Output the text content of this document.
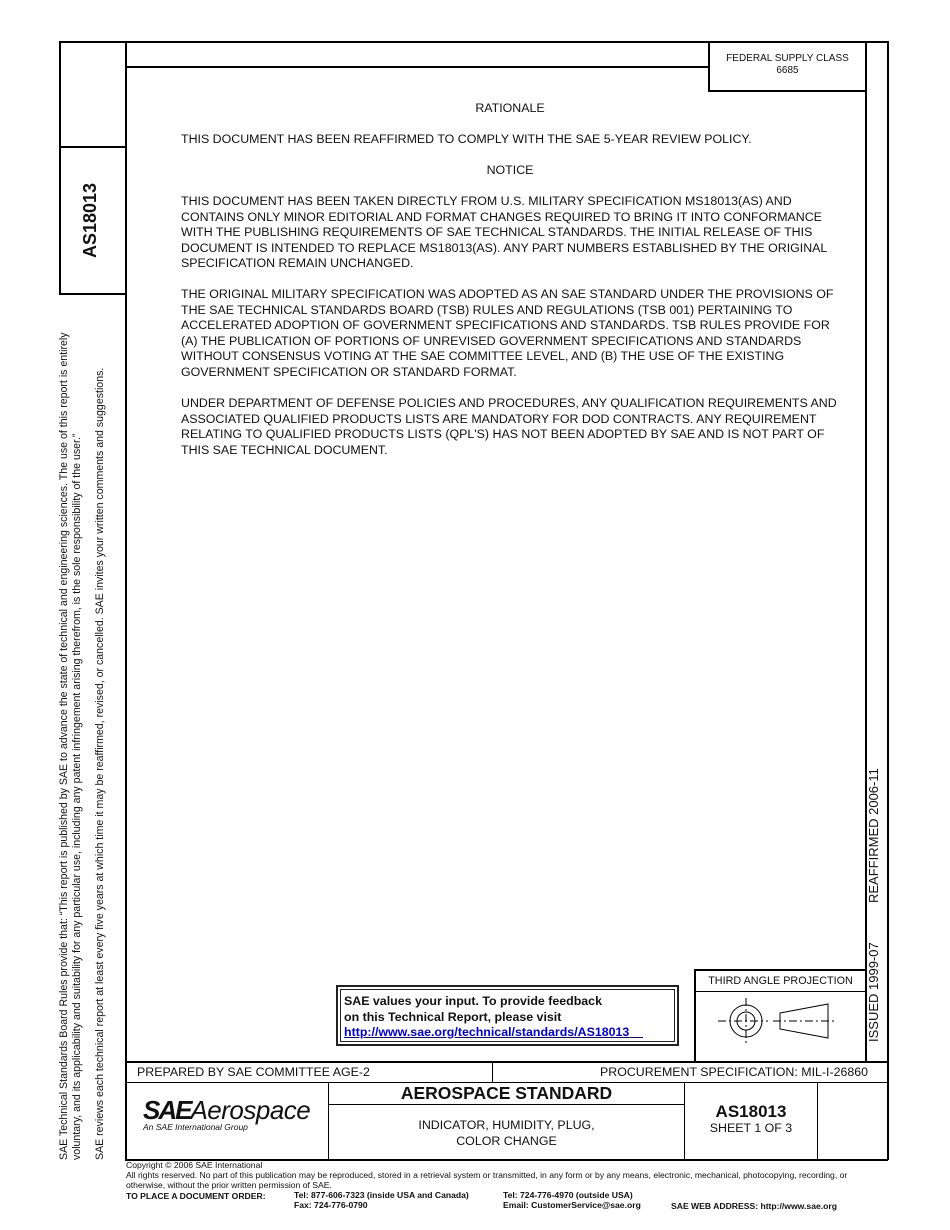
AS18013
SAE Technical Standards Board Rules provide that: “This report is published by SAE to advance the state of technical and engineering sciences. The use of this report is entirely voluntary, and its applicability and suitability for any particular use, including any patent infringement arising therefrom, is the sole responsibility of the user.” SAE reviews each technical report at least every five years at which time it may be reaffirmed, revised, or cancelled. SAE invites your written comments and suggestions.	ISSUED 1999-07
REAFFIRMED 2006-11
FEDERAL SUPPLY CLASS
6685
RATIONALE
THIS DOCUMENT HAS BEEN REAFFIRMED TO COMPLY WITH THE SAE 5-YEAR REVIEW POLICY.
NOTICE
THIS DOCUMENT HAS BEEN TAKEN DIRECTLY FROM U.S. MILITARY SPECIFICATION MS18013(AS) AND
CONTAINS ONLY MINOR EDITORIAL AND FORMAT CHANGES REQUIRED TO BRING IT INTO CONFORMANCE
WITH THE PUBLISHING REQUIREMENTS OF SAE TECHNICAL STANDARDS. THE INITIAL RELEASE OF THIS
DOCUMENT IS INTENDED TO REPLACE MS18013(AS). ANY PART NUMBERS ESTABLISHED BY THE ORIGINAL
SPECIFICATION REMAIN UNCHANGED.
THE ORIGINAL MILITARY SPECIFICATION WAS ADOPTED AS AN SAE STANDARD UNDER THE PROVISIONS OF
THE SAE TECHNICAL STANDARDS BOARD (TSB) RULES AND REGULATIONS (TSB 001) PERTAINING TO
ACCELERATED ADOPTION OF GOVERNMENT SPECIFICATIONS AND STANDARDS. TSB RULES PROVIDE FOR
(A) THE PUBLICATION OF PORTIONS OF UNREVISED GOVERNMENT SPECIFICATIONS AND STANDARDS
WITHOUT CONSENSUS VOTING AT THE SAE COMMITTEE LEVEL, AND (B) THE USE OF THE EXISTING
GOVERNMENT SPECIFICATION OR STANDARD FORMAT.
UNDER DEPARTMENT OF DEFENSE POLICIES AND PROCEDURES, ANY QUALIFICATION REQUIREMENTS AND
ASSOCIATED QUALIFIED PRODUCTS LISTS ARE MANDATORY FOR DOD CONTRACTS. ANY REQUIREMENT
RELATING TO QUALIFIED PRODUCTS LISTS (QPL'S) HAS NOT BEEN ADOPTED BY SAE AND IS NOT PART OF
THIS SAE TECHNICAL DOCUMENT.
SAE values your input. To provide feedback
on this Technical Report, please visit
http://www.sae.org/technical/standards/AS18013
THIRD ANGLE PROJECTION
PREPARED BY SAE COMMITTEE AGE-2	PROCUREMENT SPECIFICATION: MIL-I-26860
SAEAerospace
An SAE International Group
AEROSPACE STANDARD
INDICATOR, HUMIDITY, PLUG,
COLOR CHANGE
AS18013
SHEET 1 OF 3
Copyright © 2006 SAE International
All rights reserved. No part of this publication may be reproduced, stored in a retrieval system or transmitted, in any form or by any means, electronic, mechanical, photocopying, recording, or
otherwise, without the prior written permission of SAE.
TO PLACE A DOCUMENT ORDER:	Tel: 877-606-7323 (inside USA and Canada)
Fax: 724-776-0790
Tel: 724-776-4970 (outside USA)
Email: CustomerService@sae.org	SAE WEB ADDRESS: http://www.sae.org
